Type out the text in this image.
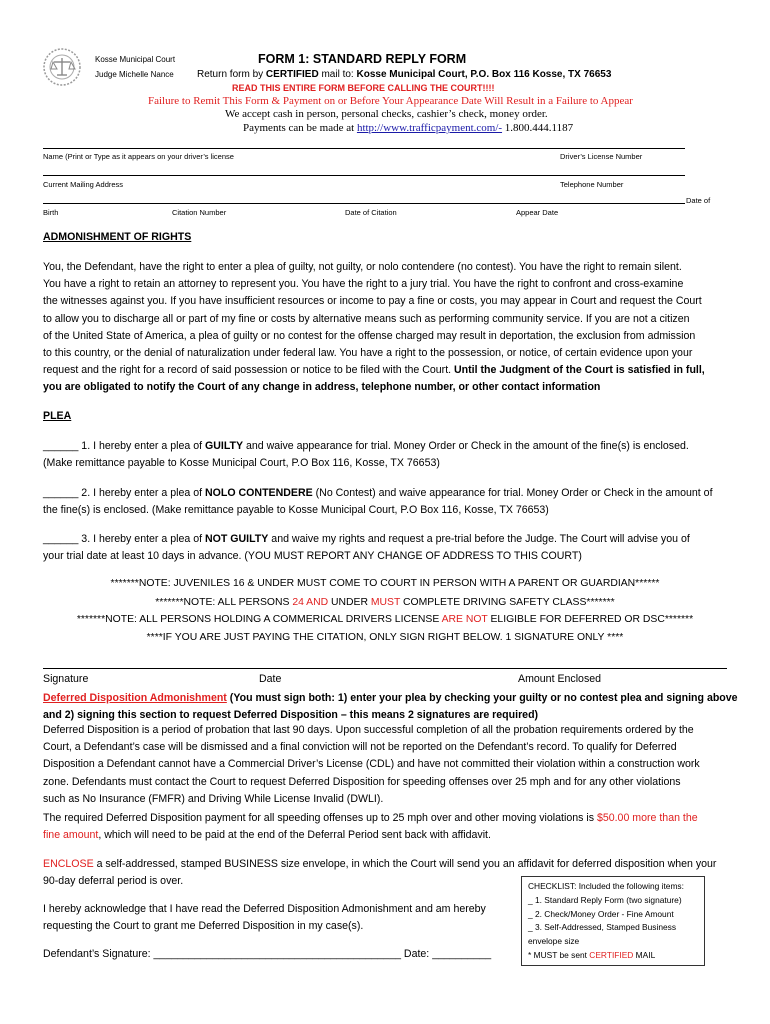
Kosse Municipal Court
Judge Michelle Nance
FORM 1: STANDARD REPLY FORM
Return form by CERTIFIED mail to: Kosse Municipal Court, P.O. Box 116 Kosse, TX 76653
READ THIS ENTIRE FORM BEFORE CALLING THE COURT!!!!
Failure to Remit This Form & Payment on or Before Your Appearance Date Will Result in a Failure to Appear
We accept cash in person, personal checks, cashier’s check, money order.
Payments can be made at http://www.trafficpayment.com/- 1.800.444.1187
Name (Print or Type as it appears on your driver’s license	Driver’s License Number
Current Mailing Address	Telephone Number
Date of
Birth	Citation Number	Date of Citation	Appear Date
ADMONISHMENT OF RIGHTS
You, the Defendant, have the right to enter a plea of guilty, not guilty, or nolo contendere (no contest). You have the right to remain silent.
You have a right to retain an attorney to represent you. You have the right to a jury trial. You have the right to confront and cross-examine
the witnesses against you. If you have insufficient resources or income to pay a fine or costs, you may appear in Court and request the Court
to allow you to discharge all or part of my fine or costs by alternative means such as performing community service. If you are not a citizen
of the United State of America, a plea of guilty or no contest for the offense charged may result in deportation, the exclusion from admission
to this country, or the denial of naturalization under federal law. You have a right to the possession, or notice, of certain evidence upon your
request and the right for a record of said possession or notice to be filed with the Court. Until the Judgment of the Court is satisfied in full,
you are obligated to notify the Court of any change in address, telephone number, or other contact information
PLEA
______ 1. I hereby enter a plea of GUILTY and waive appearance for trial. Money Order or Check in the amount of the fine(s) is enclosed.
(Make remittance payable to Kosse Municipal Court, P.O Box 116, Kosse, TX 76653)
______ 2. I hereby enter a plea of NOLO CONTENDERE (No Contest) and waive appearance for trial. Money Order or Check in the amount of
the fine(s) is enclosed. (Make remittance payable to Kosse Municipal Court, P.O Box 116, Kosse, TX 76653)
______ 3. I hereby enter a plea of NOT GUILTY and waive my rights and request a pre-trial before the Judge. The Court will advise you of
your trial date at least 10 days in advance. (YOU MUST REPORT ANY CHANGE OF ADDRESS TO THIS COURT)
*******NOTE: JUVENILES 16 & UNDER MUST COME TO COURT IN PERSON WITH A PARENT OR GUARDIAN******
*******NOTE: ALL PERSONS 24 AND UNDER MUST COMPLETE DRIVING SAFETY CLASS*******
*******NOTE: ALL PERSONS HOLDING A COMMERICAL DRIVERS LICENSE ARE NOT ELIGIBLE FOR DEFERRED OR DSC*******
****IF YOU ARE JUST PAYING THE CITATION, ONLY SIGN RIGHT BELOW. 1 SIGNATURE ONLY ****
Signature	Date	Amount Enclosed
Deferred Disposition Admonishment (You must sign both: 1) enter your plea by checking your guilty or no contest plea and signing above
and 2) signing this section to request Deferred Disposition – this means 2 signatures are required)
Deferred Disposition is a period of probation that last 90 days. Upon successful completion of all the probation requirements ordered by the
Court, a Defendant’s case will be dismissed and a final conviction will not be reported on the Defendant’s record. To qualify for Deferred
Disposition a Defendant cannot have a Commercial Driver’s License (CDL) and have not committed their violation within a construction work
zone. Defendants must contact the Court to request Deferred Disposition for speeding offenses over 25 mph and for any other violations
such as No Insurance (FMFR) and Driving While License Invalid (DWLI).
The required Deferred Disposition payment for all speeding offenses up to 25 mph over and other moving violations is $50.00 more than the
fine amount, which will need to be paid at the end of the Deferral Period sent back with affidavit.
ENCLOSE a self-addressed, stamped BUSINESS size envelope, in which the Court will send you an affidavit for deferred disposition when your
90-day deferral period is over.
I hereby acknowledge that I have read the Deferred Disposition Admonishment and am hereby
requesting the Court to grant me Deferred Disposition in my case(s).
Defendant’s Signature: __________________________________________ Date: __________
CHECKLIST: Included the following items:
_ 1. Standard Reply Form (two signature)
_ 2. Check/Money Order - Fine Amount
_ 3. Self-Addressed, Stamped Business
envelope size
* MUST be sent CERTIFIED MAIL
